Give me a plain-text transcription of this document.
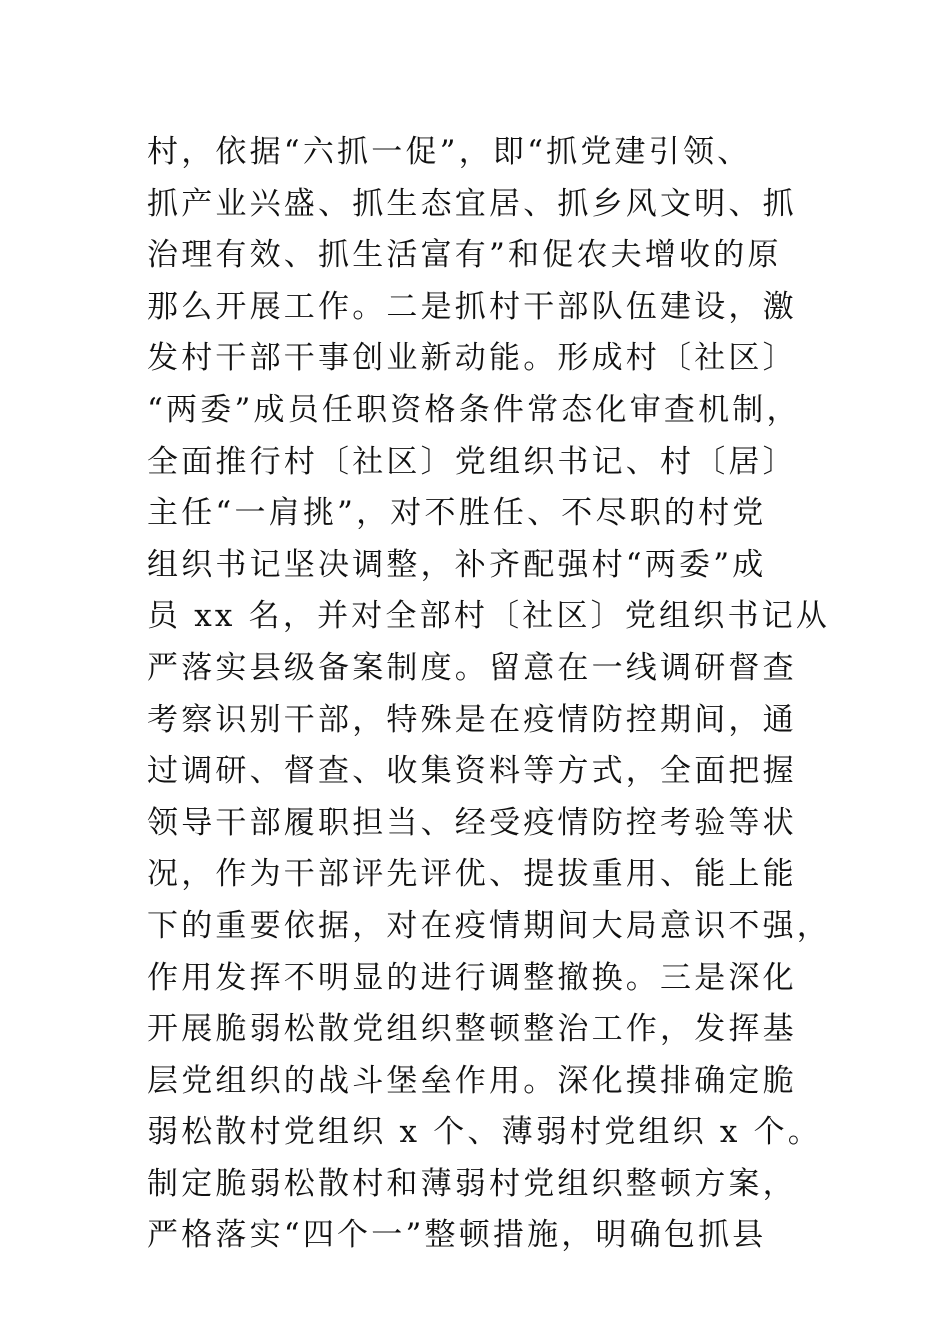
村，依据“六抓一促”，即“抓党建引领、
抓产业兴盛、抓生态宜居、抓乡风文明、抓
治理有效、抓生活富有”和促农夫增收的原
那么开展工作。二是抓村干部队伍建设，激
发村干部干事创业新动能。形成村〔社区〕
“两委”成员任职资格条件常态化审查机制，
全面推行村〔社区〕党组织书记、村〔居〕
主任“一肩挑”，对不胜任、不尽职的村党
组织书记坚决调整，补齐配强村“两委”成
员 xx 名，并对全部村〔社区〕党组织书记从
严落实县级备案制度。留意在一线调研督查
考察识别干部，特殊是在疫情防控期间，通
过调研、督查、收集资料等方式，全面把握
领导干部履职担当、经受疫情防控考验等状
况，作为干部评先评优、提拔重用、能上能
下的重要依据，对在疫情期间大局意识不强，
作用发挥不明显的进行调整撤换。三是深化
开展脆弱松散党组织整顿整治工作，发挥基
层党组织的战斗堡垒作用。深化摸排确定脆
弱松散村党组织 x 个、薄弱村党组织 x 个。
制定脆弱松散村和薄弱村党组织整顿方案，
严格落实“四个一”整顿措施，明确包抓县
